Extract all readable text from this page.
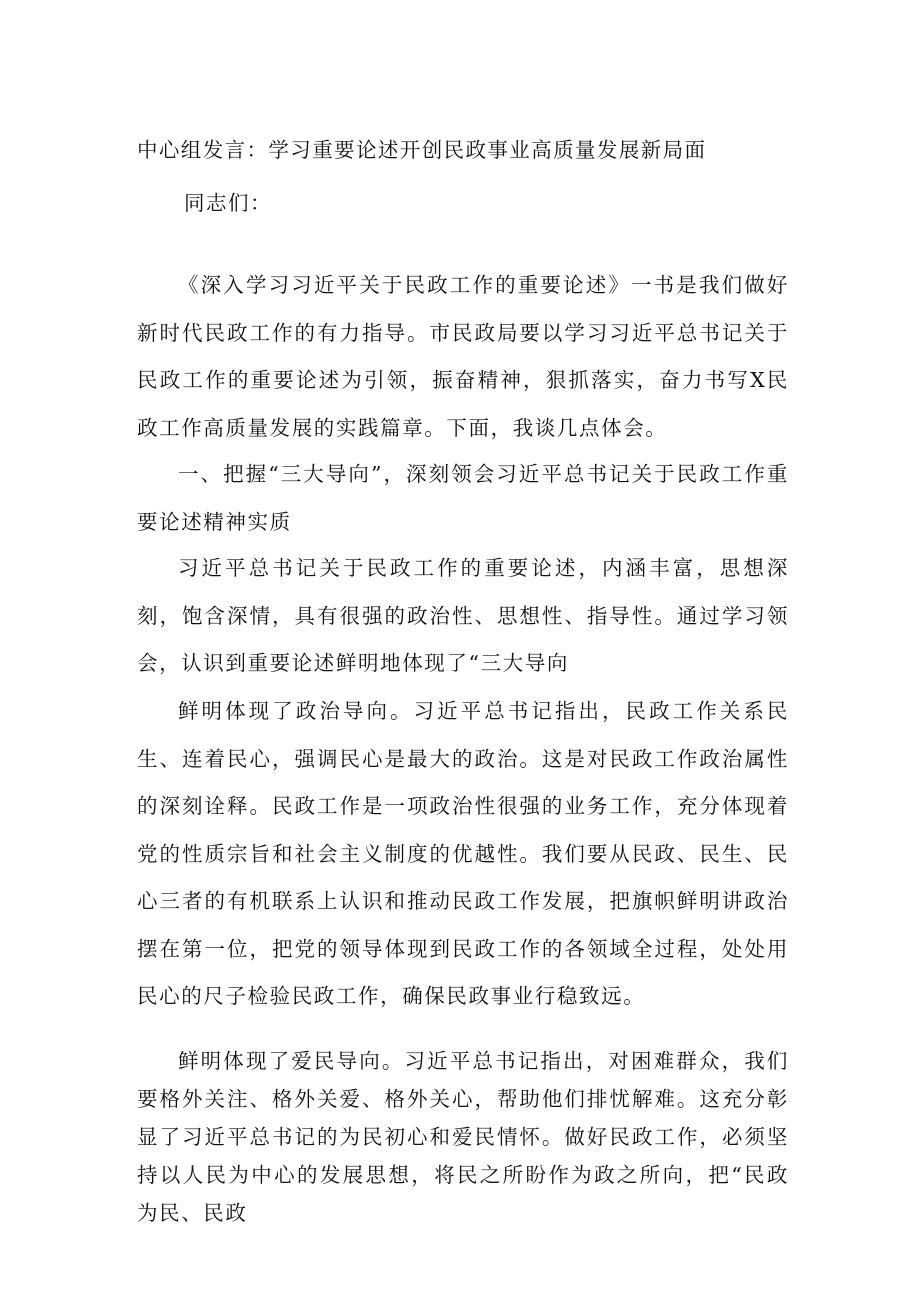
中心组发言：学习重要论述开创民政事业高质量发展新局面
同志们：

《深入学习习近平关于民政工作的重要论述》一书是我们做好新时代民政工作的有力指导。市民政局要以学习习近平总书记关于民政工作的重要论述为引领，振奋精神，狠抓落实，奋力书写X民政工作高质量发展的实践篇章。下面，我谈几点体会。

一、把握“三大导向”，深刻领会习近平总书记关于民政工作重要论述精神实质

习近平总书记关于民政工作的重要论述，内涵丰富，思想深刻，饱含深情，具有很强的政治性、思想性、指导性。通过学习领会，认识到重要论述鲜明地体现了“三大导向

鲜明体现了政治导向。习近平总书记指出，民政工作关系民生、连着民心，强调民心是最大的政治。这是对民政工作政治属性的深刻诠释。民政工作是一项政治性很强的业务工作，充分体现着党的性质宗旨和社会主义制度的优越性。我们要从民政、民生、民心三者的有机联系上认识和推动民政工作发展，把旗帜鲜明讲政治摆在第一位，把党的领导体现到民政工作的各领域全过程，处处用民心的尺子检验民政工作，确保民政事业行稳致远。

鲜明体现了爱民导向。习近平总书记指出，对困难群众，我们要格外关注、格外关爱、格外关心，帮助他们排忧解难。这充分彰显了习近平总书记的为民初心和爱民情怀。做好民政工作，必须坚持以人民为中心的发展思想，将民之所盼作为政之所向，把“民政为民、民政
